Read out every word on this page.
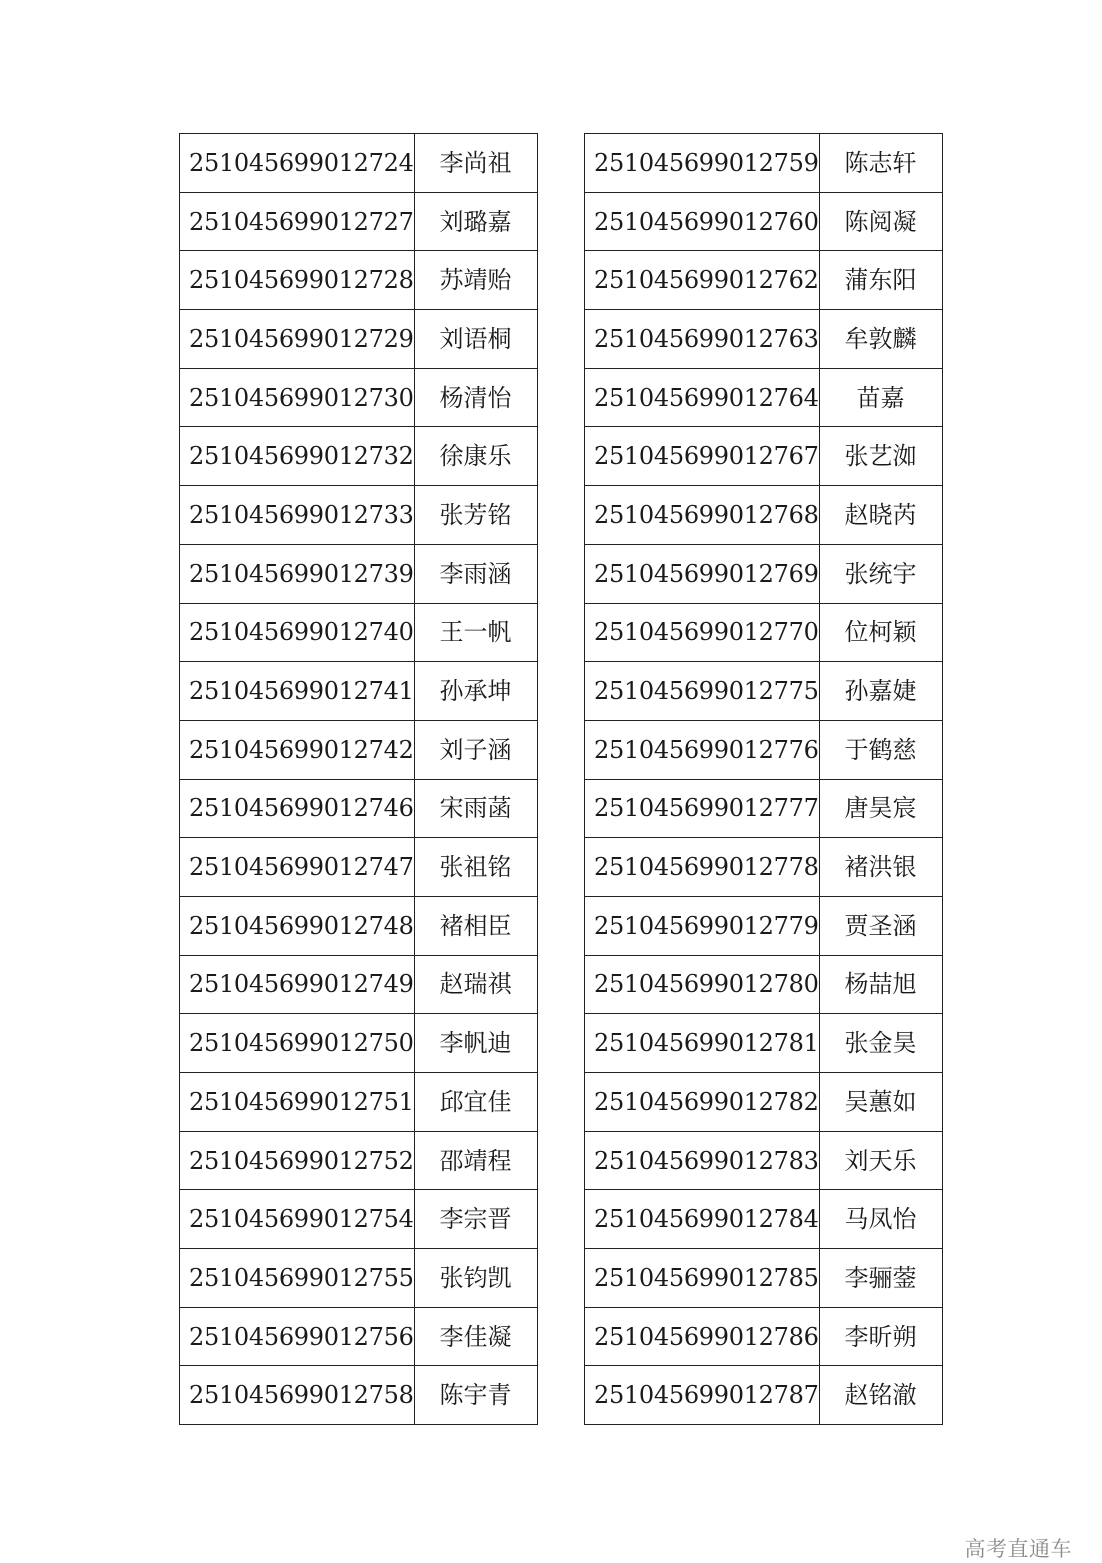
251045699012724	李尚祖
251045699012727	刘璐嘉
251045699012728	苏靖贻
251045699012729	刘语桐
251045699012730	杨清怡
251045699012732	徐康乐
251045699012733	张芳铭
251045699012739	李雨涵
251045699012740	王一帆
251045699012741	孙承坤
251045699012742	刘子涵
251045699012746	宋雨菡
251045699012747	张祖铭
251045699012748	褚相臣
251045699012749	赵瑞祺
251045699012750	李帆迪
251045699012751	邱宜佳
251045699012752	邵靖程
251045699012754	李宗晋
251045699012755	张钧凯
251045699012756	李佳凝
251045699012758	陈宇青
251045699012759	陈志轩
251045699012760	陈阅凝
251045699012762	蒲东阳
251045699012763	牟敦麟
251045699012764	苗嘉
251045699012767	张艺洳
251045699012768	赵晓芮
251045699012769	张统宇
251045699012770	位柯颖
251045699012775	孙嘉婕
251045699012776	于鹤慈
251045699012777	唐昊宸
251045699012778	褚洪银
251045699012779	贾圣涵
251045699012780	杨喆旭
251045699012781	张金昊
251045699012782	吴蕙如
251045699012783	刘天乐
251045699012784	马凤怡
251045699012785	李骊蓥
251045699012786	李昕朔
251045699012787	赵铭澈
高考直通车
